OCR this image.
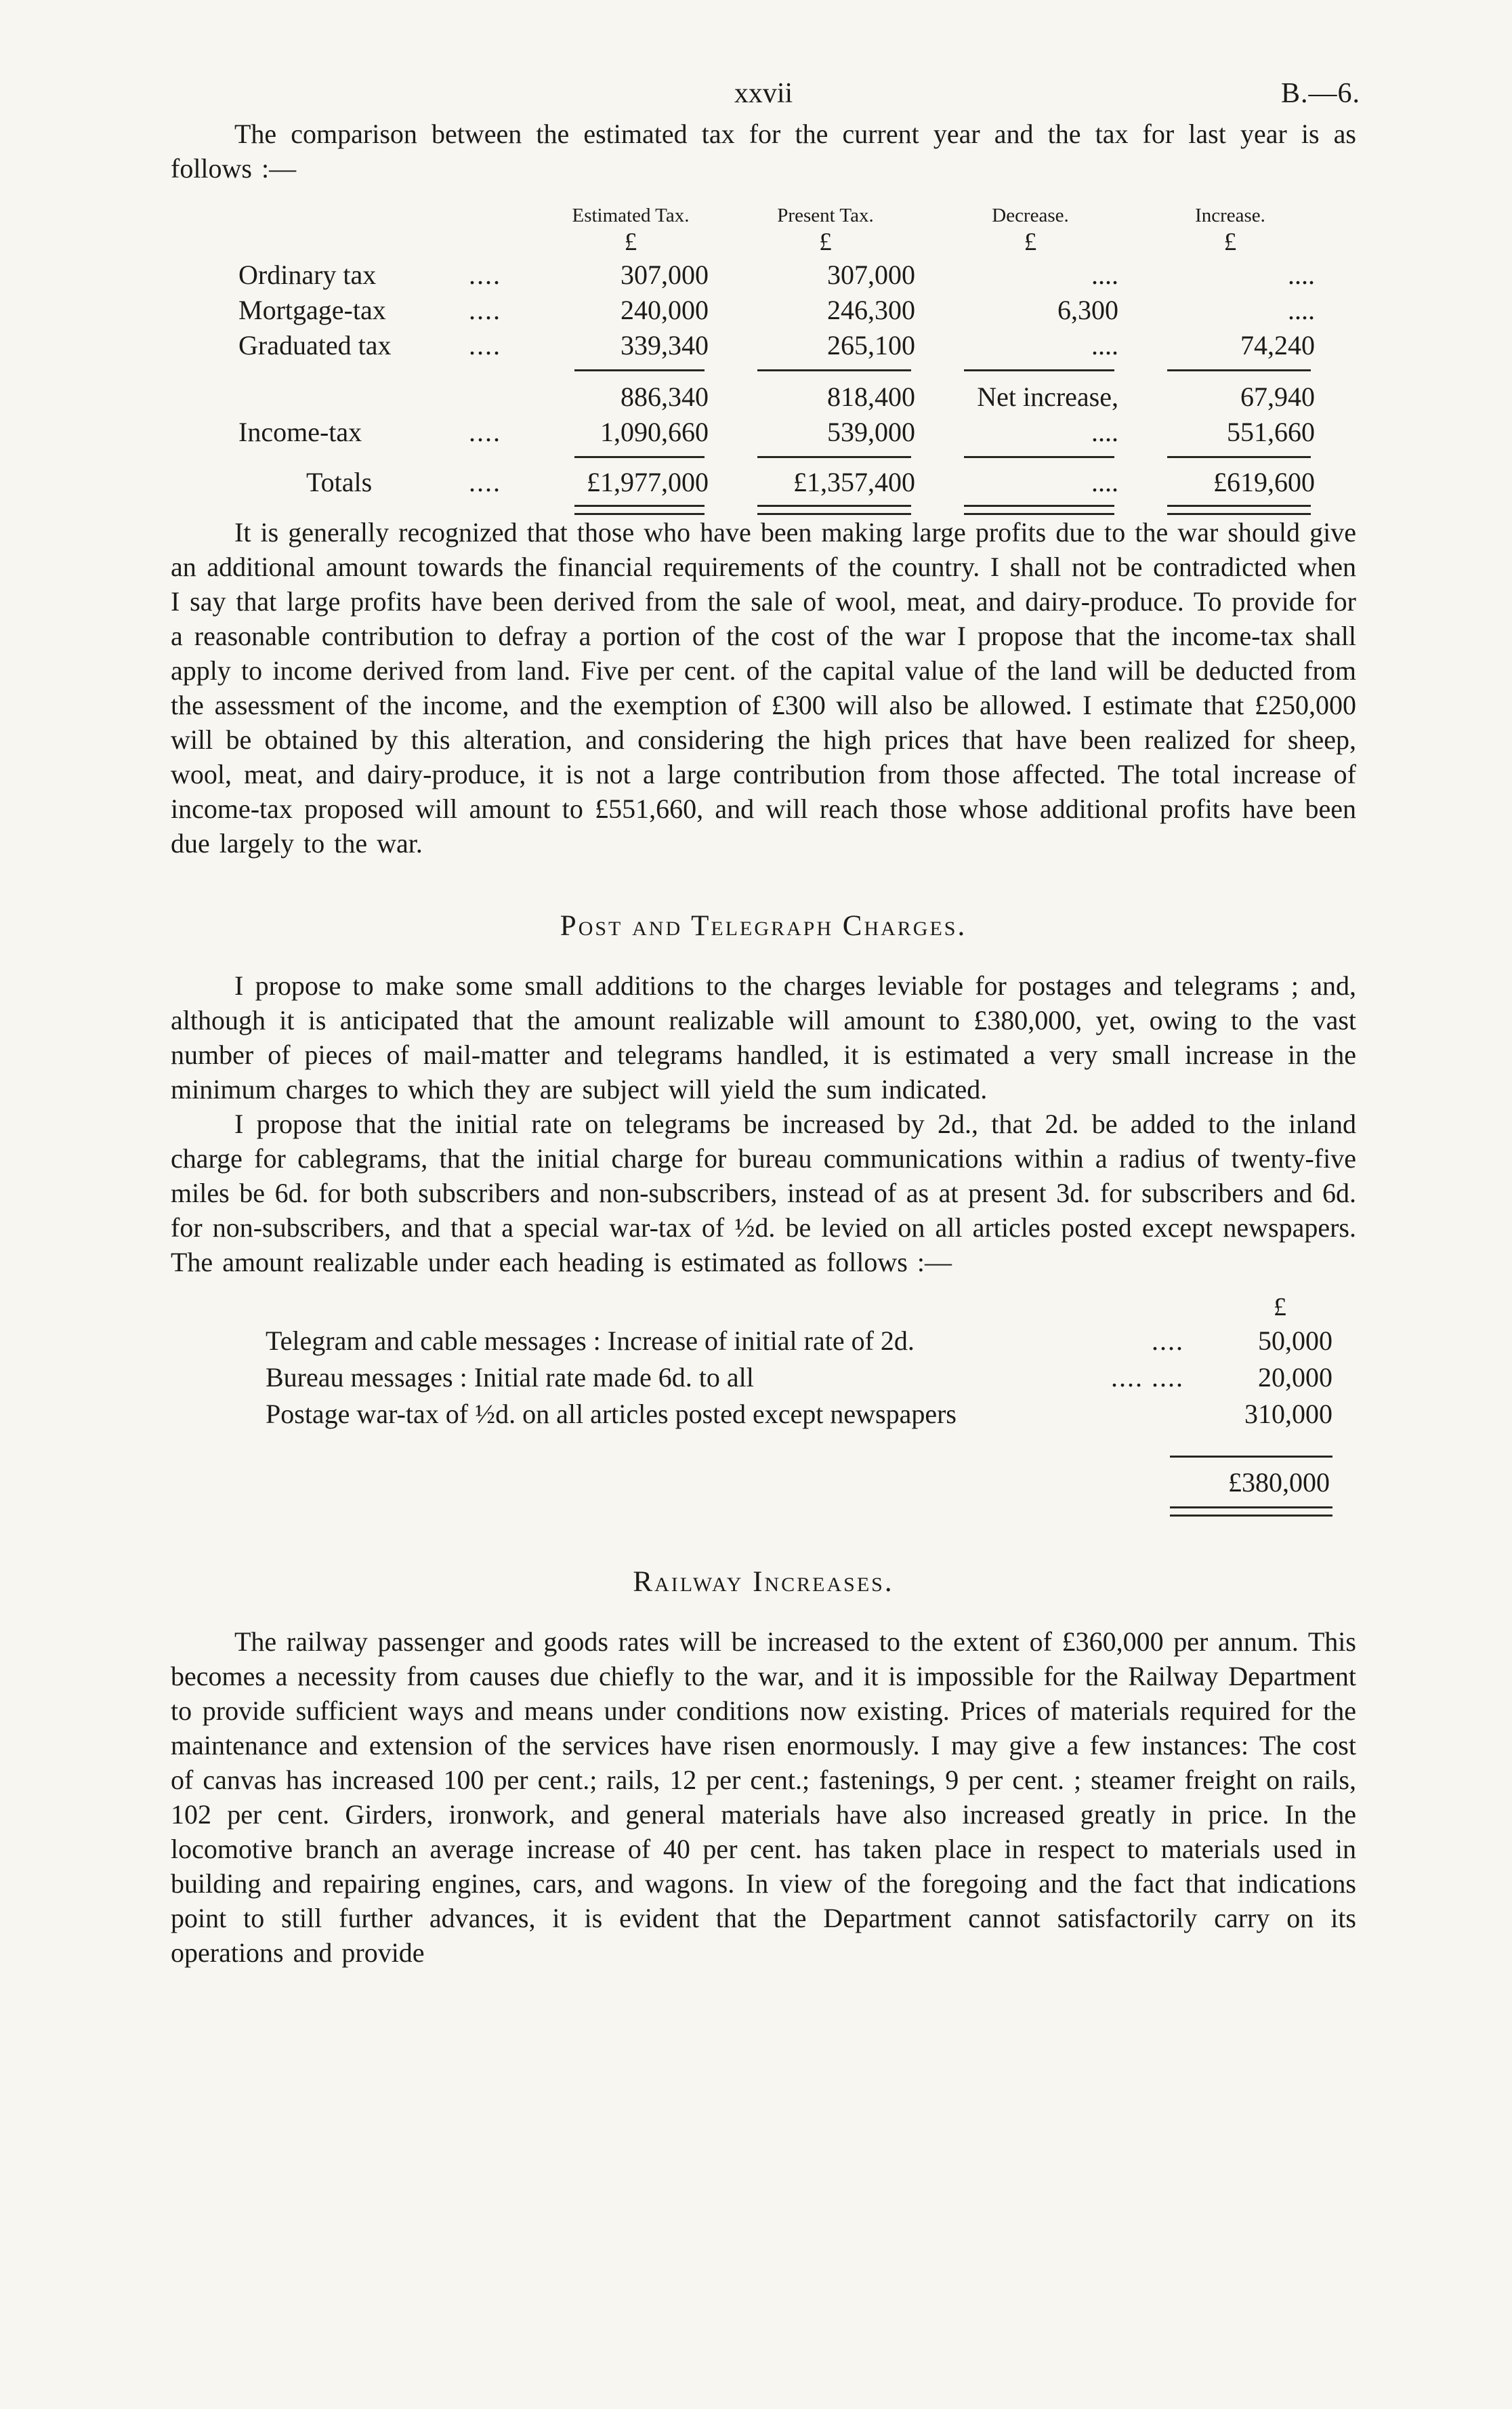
xxvii	B.—6.

The comparison between the estimated tax for the current year and the tax for last year is as follows :—

Estimated Tax.	Present Tax.	Decrease.	Increase.
£	£	£	£
Ordinary tax	....	307,000	307,000	....	....
Mortgage-tax	....	240,000	246,300	6,300	....
Graduated tax	....	339,340	265,100	....	74,240
886,340	818,400	Net increase,	67,940
Income-tax	....	1,090,660	539,000	....	551,660
Totals	....	£1,977,000	£1,357,400	....	£619,600

It is generally recognized that those who have been making large profits due to the war should give an additional amount towards the financial requirements of the country. I shall not be contradicted when I say that large profits have been derived from the sale of wool, meat, and dairy-produce. To provide for a reasonable contribution to defray a portion of the cost of the war I propose that the income-tax shall apply to income derived from land. Five per cent. of the capital value of the land will be deducted from the assessment of the income, and the exemption of £300 will also be allowed. I estimate that £250,000 will be obtained by this alteration, and considering the high prices that have been realized for sheep, wool, meat, and dairy-produce, it is not a large contribution from those affected. The total increase of income-tax proposed will amount to £551,660, and will reach those whose additional profits have been due largely to the war.

Post and Telegraph Charges.

I propose to make some small additions to the charges leviable for postages and telegrams ; and, although it is anticipated that the amount realizable will amount to £380,000, yet, owing to the vast number of pieces of mail-matter and telegrams handled, it is estimated a very small increase in the minimum charges to which they are subject will yield the sum indicated.

I propose that the initial rate on telegrams be increased by 2d., that 2d. be added to the inland charge for cablegrams, that the initial charge for bureau communications within a radius of twenty-five miles be 6d. for both subscribers and non-subscribers, instead of as at present 3d. for subscribers and 6d. for non-subscribers, and that a special war-tax of ½d. be levied on all articles posted except newspapers. The amount realizable under each heading is estimated as follows :—

£
Telegram and cable messages : Increase of initial rate of 2d.	....	50,000
Bureau messages : Initial rate made 6d. to all	.... ....	20,000
Postage war-tax of ½d. on all articles posted except newspapers	310,000
£380,000
Railway Increases.

The railway passenger and goods rates will be increased to the extent of £360,000 per annum. This becomes a necessity from causes due chiefly to the war, and it is impossible for the Railway Department to provide sufficient ways and means under conditions now existing. Prices of materials required for the maintenance and extension of the services have risen enormously. I may give a few instances: The cost of canvas has increased 100 per cent.; rails, 12 per cent.; fastenings, 9 per cent. ; steamer freight on rails, 102 per cent. Girders, ironwork, and general materials have also increased greatly in price. In the locomotive branch an average increase of 40 per cent. has taken place in respect to materials used in building and repairing engines, cars, and wagons. In view of the foregoing and the fact that indications point to still further advances, it is evident that the Department cannot satisfactorily carry on its operations and provide
